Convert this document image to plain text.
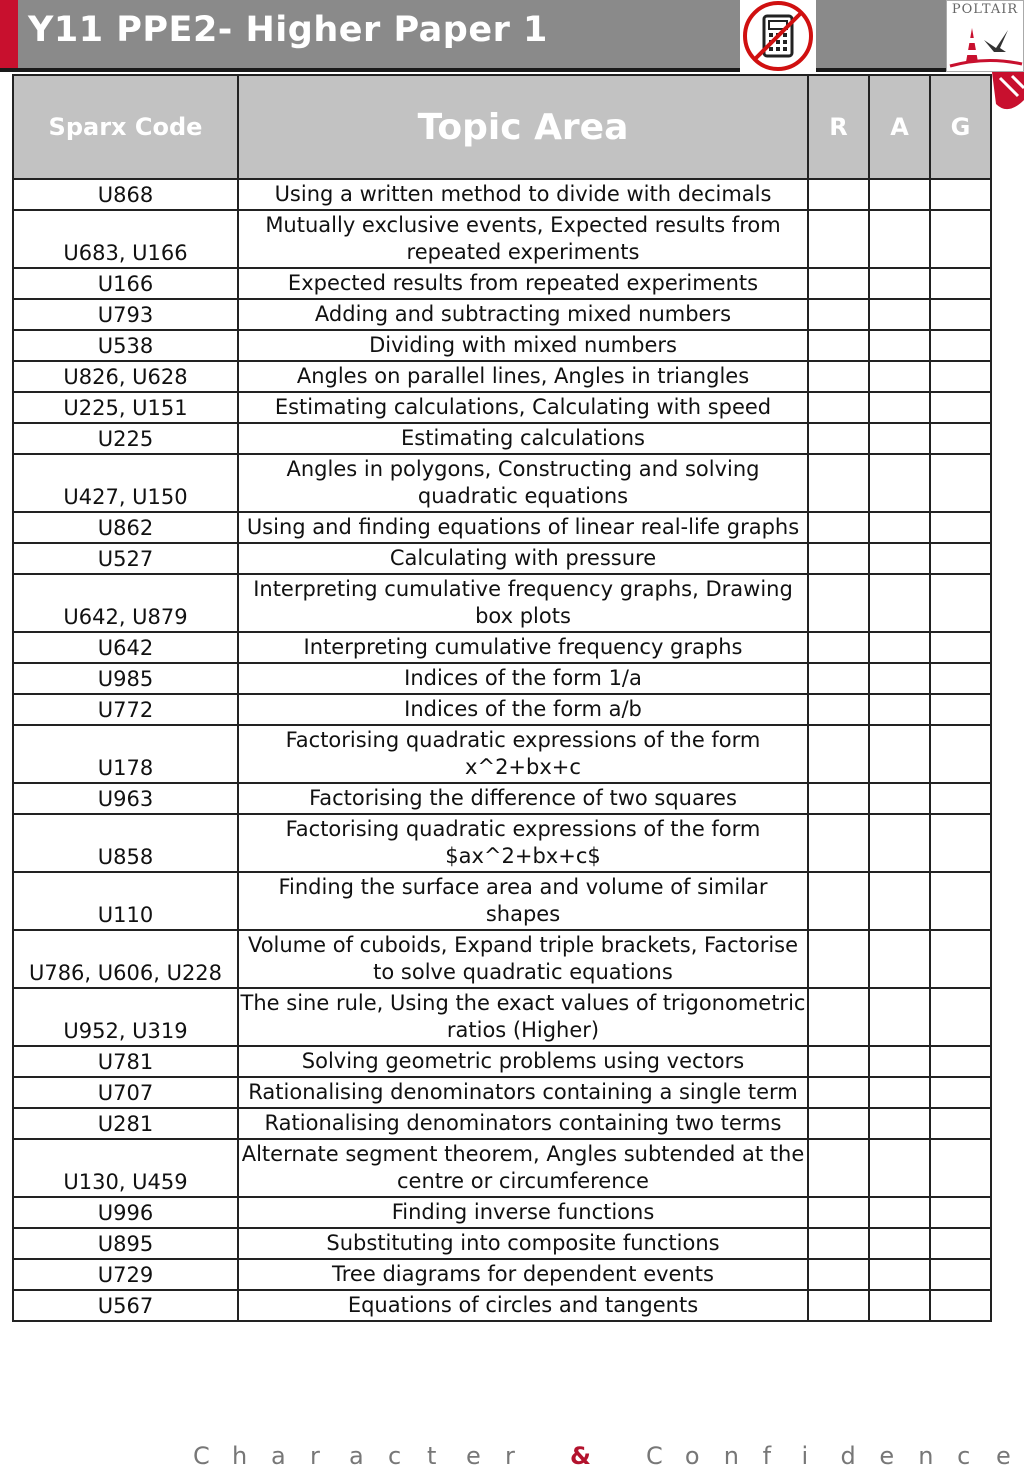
Y11 PPE2- Higher Paper 1
POLTAIR
Sparx Code	Topic Area	R	A	G
U868	Using a written method to divide with decimals			
U683, U166	Mutually exclusive events, Expected results from repeated experiments			
U166	Expected results from repeated experiments			
U793	Adding and subtracting mixed numbers			
U538	Dividing with mixed numbers			
U826, U628	Angles on parallel lines, Angles in triangles			
U225, U151	Estimating calculations, Calculating with speed			
U225	Estimating calculations			
U427, U150	Angles in polygons, Constructing and solving quadratic equations			
U862	Using and finding equations of linear real-life graphs			
U527	Calculating with pressure			
U642, U879	Interpreting cumulative frequency graphs, Drawing box plots			
U642	Interpreting cumulative frequency graphs			
U985	Indices of the form 1/a			
U772	Indices of the form a/b			
U178	Factorising quadratic expressions of the form x^2+bx+c			
U963	Factorising the difference of two squares			
U858	Factorising quadratic expressions of the form $ax^2+bx+c$			
U110	Finding the surface area and volume of similar shapes			
U786, U606, U228	Volume of cuboids, Expand triple brackets, Factorise to solve quadratic equations			
U952, U319	The sine rule, Using the exact values of trigonometric ratios (Higher)			
U781	Solving geometric problems using vectors			
U707	Rationalising denominators containing a single term			
U281	Rationalising denominators containing two terms			
U130, U459	Alternate segment theorem, Angles subtended at the centre or circumference			
U996	Finding inverse functions			
U895	Substituting into composite functions			
U729	Tree diagrams for dependent events			
U567	Equations of circles and tangents			
C h a r a c t e r & C o n f i d e n c e
